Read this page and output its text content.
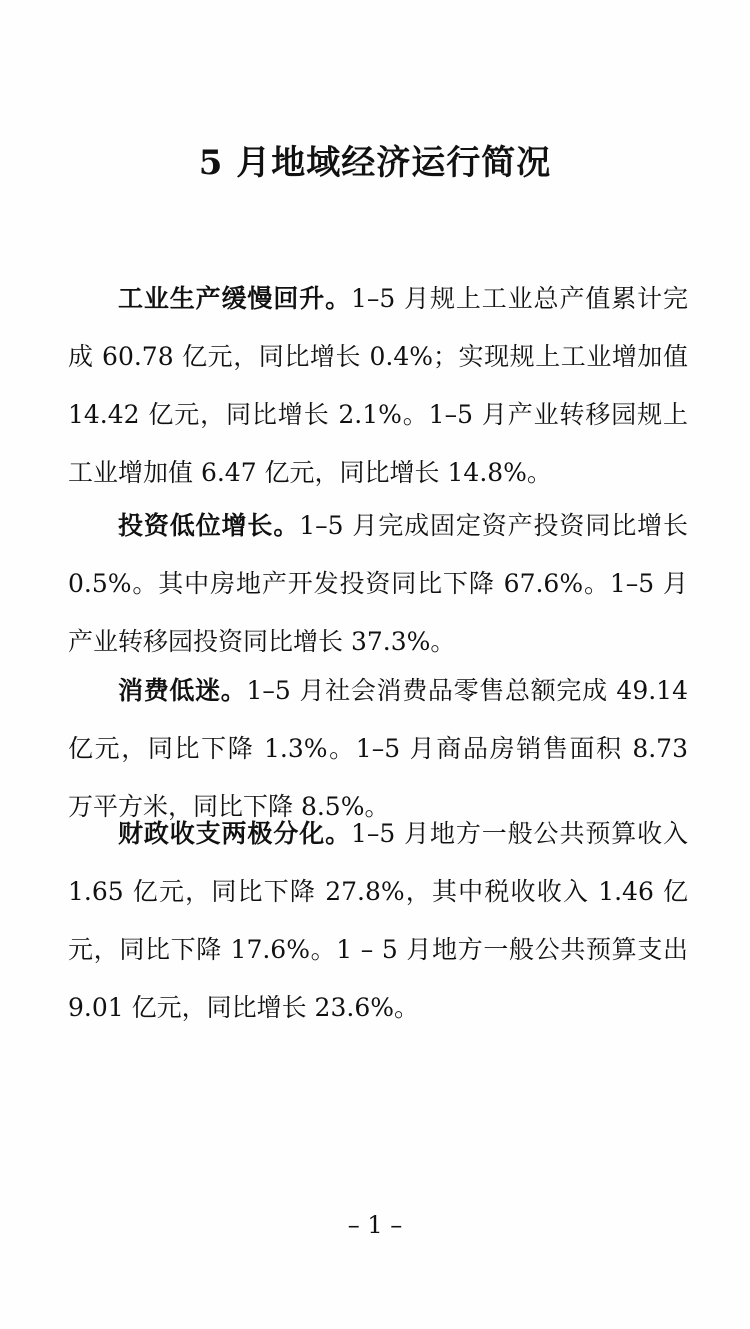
5 月地域经济运行简况

工业生产缓慢回升。1–5 月规上工业总产值累计完成 60.78 亿元，同比增长 0.4%；实现规上工业增加值 14.42 亿元，同比增长 2.1%。1–5 月产业转移园规上工业增加值 6.47 亿元，同比增长 14.8%。

投资低位增长。1–5 月完成固定资产投资同比增长 0.5%。其中房地产开发投资同比下降 67.6%。1–5 月产业转移园投资同比增长 37.3%。

消费低迷。1–5 月社会消费品零售总额完成 49.14 亿元，同比下降 1.3%。1–5 月商品房销售面积 8.73 万平方米，同比下降 8.5%。

财政收支两极分化。1–5 月地方一般公共预算收入 1.65 亿元，同比下降 27.8%，其中税收收入 1.46 亿元，同比下降 17.6%。1 – 5 月地方一般公共预算支出 9.01 亿元，同比增长 23.6%。

– 1 –
